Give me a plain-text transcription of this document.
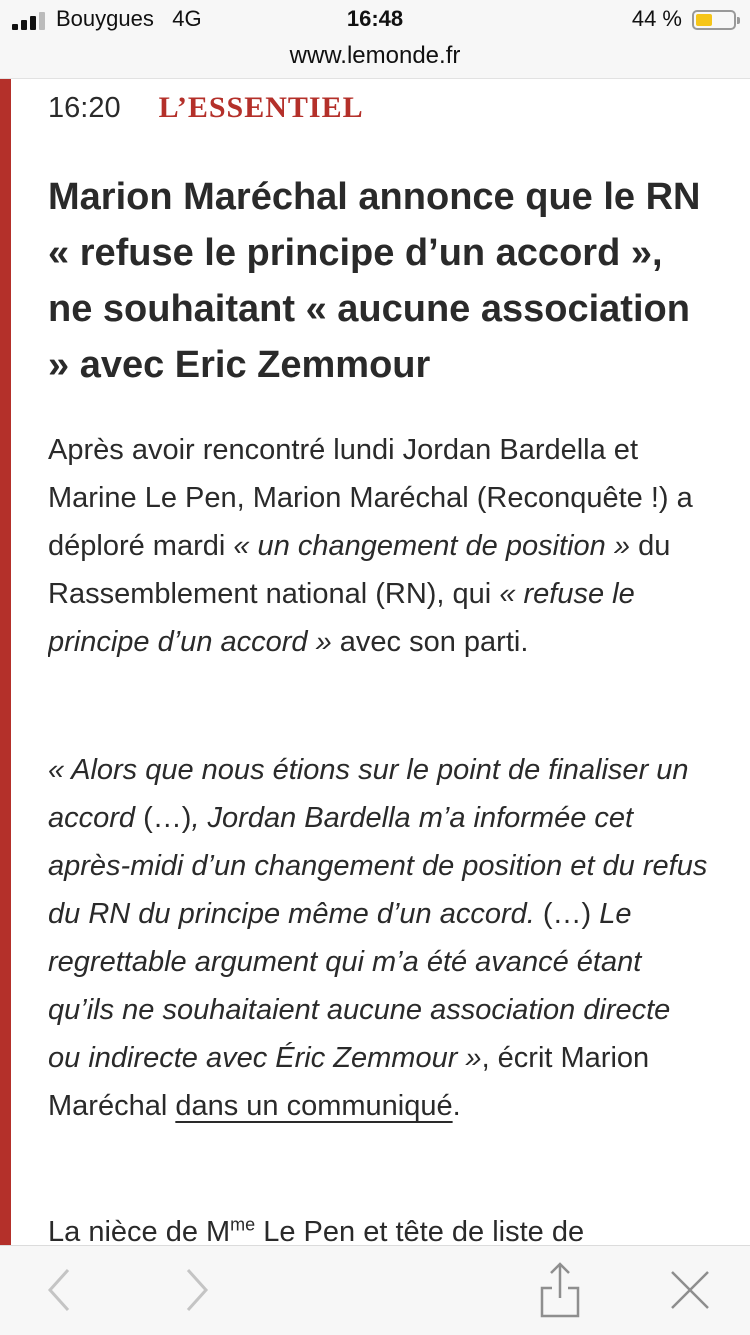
Bouygues 4G	16:48	44 %
www.lemonde.fr
16:20 L’ESSENTIEL
Marion Maréchal annonce que le RN « refuse le principe d’un accord », ne souhaitant « aucune association » avec Eric Zemmour

Après avoir rencontré lundi Jordan Bardella et Marine Le Pen, Marion Maréchal (Reconquête !) a déploré mardi « un changement de position » du Rassemblement national (RN), qui « refuse le principe d’un accord » avec son parti.

« Alors que nous étions sur le point de finaliser un accord (…), Jordan Bardella m’a informée cet après-midi d’un changement de position et du refus du RN du principe même d’un accord. (…) Le regrettable argument qui m’a été avancé étant qu’ils ne souhaitaient aucune association directe ou indirecte avec Éric Zemmour », écrit Marion Maréchal dans un communiqué.

La nièce de $M^{me}$ Le Pen et tête de liste de
